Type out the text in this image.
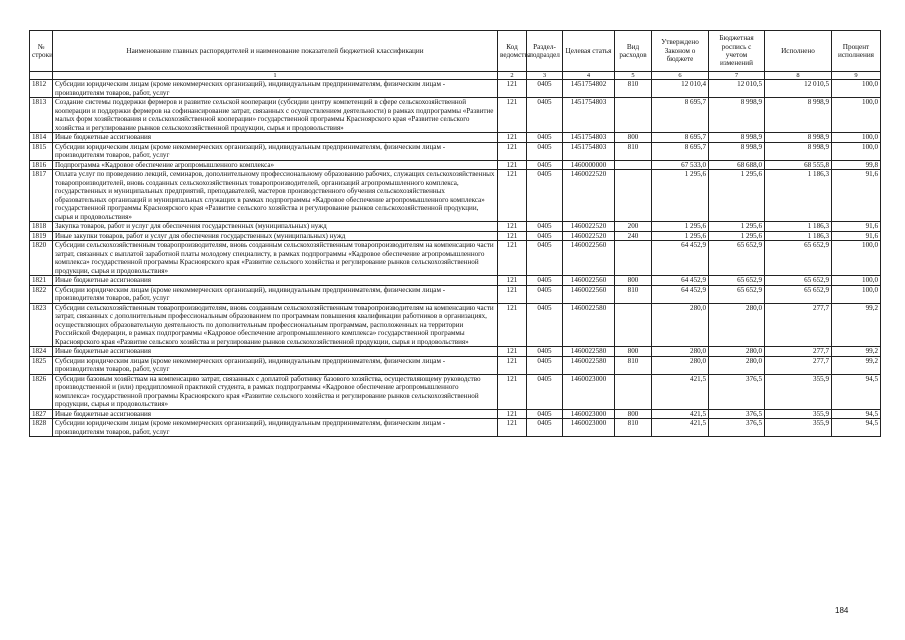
№ строки	Наименование главных распорядителей и наименование показателей бюджетной классификации	Код ведомства	Раздел-подраздел	Целевая статья	Вид расходов	Утверждено Законом о бюджете	Бюджетная роспись с учетом изменений	Исполнено	Процент исполнения
	1	2	3	4	5	6	7	8	9
1812	Субсидии юридическим лицам (кроме некоммерческих организаций), индивидуальным предпринимателям, физическим лицам - производителям товаров, работ, услуг	121	0405	1451754802	810	12 010,4	12 010,5	12 010,5	100,0
1813	Создание системы поддержки фермеров и развитие сельской кооперации (субсидии центру компетенций в сфере сельскохозяйственной кооперации и поддержки фермеров на софинансирование затрат, связанных с осуществлением деятельности) в рамках подпрограммы «Развитие малых форм хозяйствования и сельскохозяйственной кооперации» государственной программы Красноярского края «Развитие сельского хозяйства и регулирование рынков сельскохозяйственной продукции, сырья и продовольствия»	121	0405	1451754803		8 695,7	8 998,9	8 998,9	100,0
1814	Иные бюджетные ассигнования	121	0405	1451754803	800	8 695,7	8 998,9	8 998,9	100,0
1815	Субсидии юридическим лицам (кроме некоммерческих организаций), индивидуальным предпринимателям, физическим лицам - производителям товаров, работ, услуг	121	0405	1451754803	810	8 695,7	8 998,9	8 998,9	100,0
1816	Подпрограмма «Кадровое обеспечение агропромышленного комплекса»	121	0405	1460000000		67 533,0	68 688,0	68 555,8	99,8
1817	Оплата услуг по проведению лекций, семинаров, дополнительному профессиональному образованию рабочих, служащих сельскохозяйственных товаропроизводителей, вновь созданных сельскохозяйственных товаропроизводителей, организаций агропромышленного комплекса, государственных и муниципальных предприятий, преподавателей, мастеров производственного обучения сельскохозяйственных образовательных организаций и муниципальных служащих в рамках подпрограммы «Кадровое обеспечение агропромышленного комплекса» государственной программы Красноярского края «Развитие сельского хозяйства и регулирование рынков сельскохозяйственной продукции, сырья и продовольствия»	121	0405	1460022520		1 295,6	1 295,6	1 186,3	91,6
1818	Закупка товаров, работ и услуг для обеспечения государственных (муниципальных) нужд	121	0405	1460022520	200	1 295,6	1 295,6	1 186,3	91,6
1819	Иные закупки товаров, работ и услуг для обеспечения государственных (муниципальных) нужд	121	0405	1460022520	240	1 295,6	1 295,6	1 186,3	91,6
1820	Субсидии сельскохозяйственным товаропроизводителям, вновь созданным сельскохозяйственным товаропроизводителям на компенсацию части затрат, связанных с выплатой заработной платы молодому специалисту, в рамках подпрограммы «Кадровое обеспечение агропромышленного комплекса» государственной программы Красноярского края «Развитие сельского хозяйства и регулирование рынков сельскохозяйственной продукции, сырья и продовольствия»	121	0405	1460022560		64 452,9	65 652,9	65 652,9	100,0
1821	Иные бюджетные ассигнования	121	0405	1460022560	800	64 452,9	65 652,9	65 652,9	100,0
1822	Субсидии юридическим лицам (кроме некоммерческих организаций), индивидуальным предпринимателям, физическим лицам - производителям товаров, работ, услуг	121	0405	1460022560	810	64 452,9	65 652,9	65 652,9	100,0
1823	Субсидии сельскохозяйственным товаропроизводителям, вновь созданным сельскохозяйственным товаропроизводителям на компенсацию части затрат, связанных с дополнительным профессиональным образованием по программам повышения квалификации работников в организациях, осуществляющих образовательную деятельность по дополнительным профессиональным программам, расположенных на территории Российской Федерации, в рамках подпрограммы «Кадровое обеспечение агропромышленного комплекса» государственной программы Красноярского края «Развитие сельского хозяйства и регулирование рынков сельскохозяйственной продукции, сырья и продовольствия»	121	0405	1460022580		280,0	280,0	277,7	99,2
1824	Иные бюджетные ассигнования	121	0405	1460022580	800	280,0	280,0	277,7	99,2
1825	Субсидии юридическим лицам (кроме некоммерческих организаций), индивидуальным предпринимателям, физическим лицам - производителям товаров, работ, услуг	121	0405	1460022580	810	280,0	280,0	277,7	99,2
1826	Субсидии базовым хозяйствам на компенсацию затрат, связанных с доплатой работнику базового хозяйства, осуществляющему руководство производственной и (или) преддипломной практикой студента, в рамках подпрограммы «Кадровое обеспечение агропромышленного комплекса» государственной программы Красноярского края «Развитие сельского хозяйства и регулирование рынков сельскохозяйственной продукции, сырья и продовольствия»	121	0405	1460023000		421,5	376,5	355,9	94,5
1827	Иные бюджетные ассигнования	121	0405	1460023000	800	421,5	376,5	355,9	94,5
1828	Субсидии юридическим лицам (кроме некоммерческих организаций), индивидуальным предпринимателям, физическим лицам - производителям товаров, работ, услуг	121	0405	1460023000	810	421,5	376,5	355,9	94,5
184
